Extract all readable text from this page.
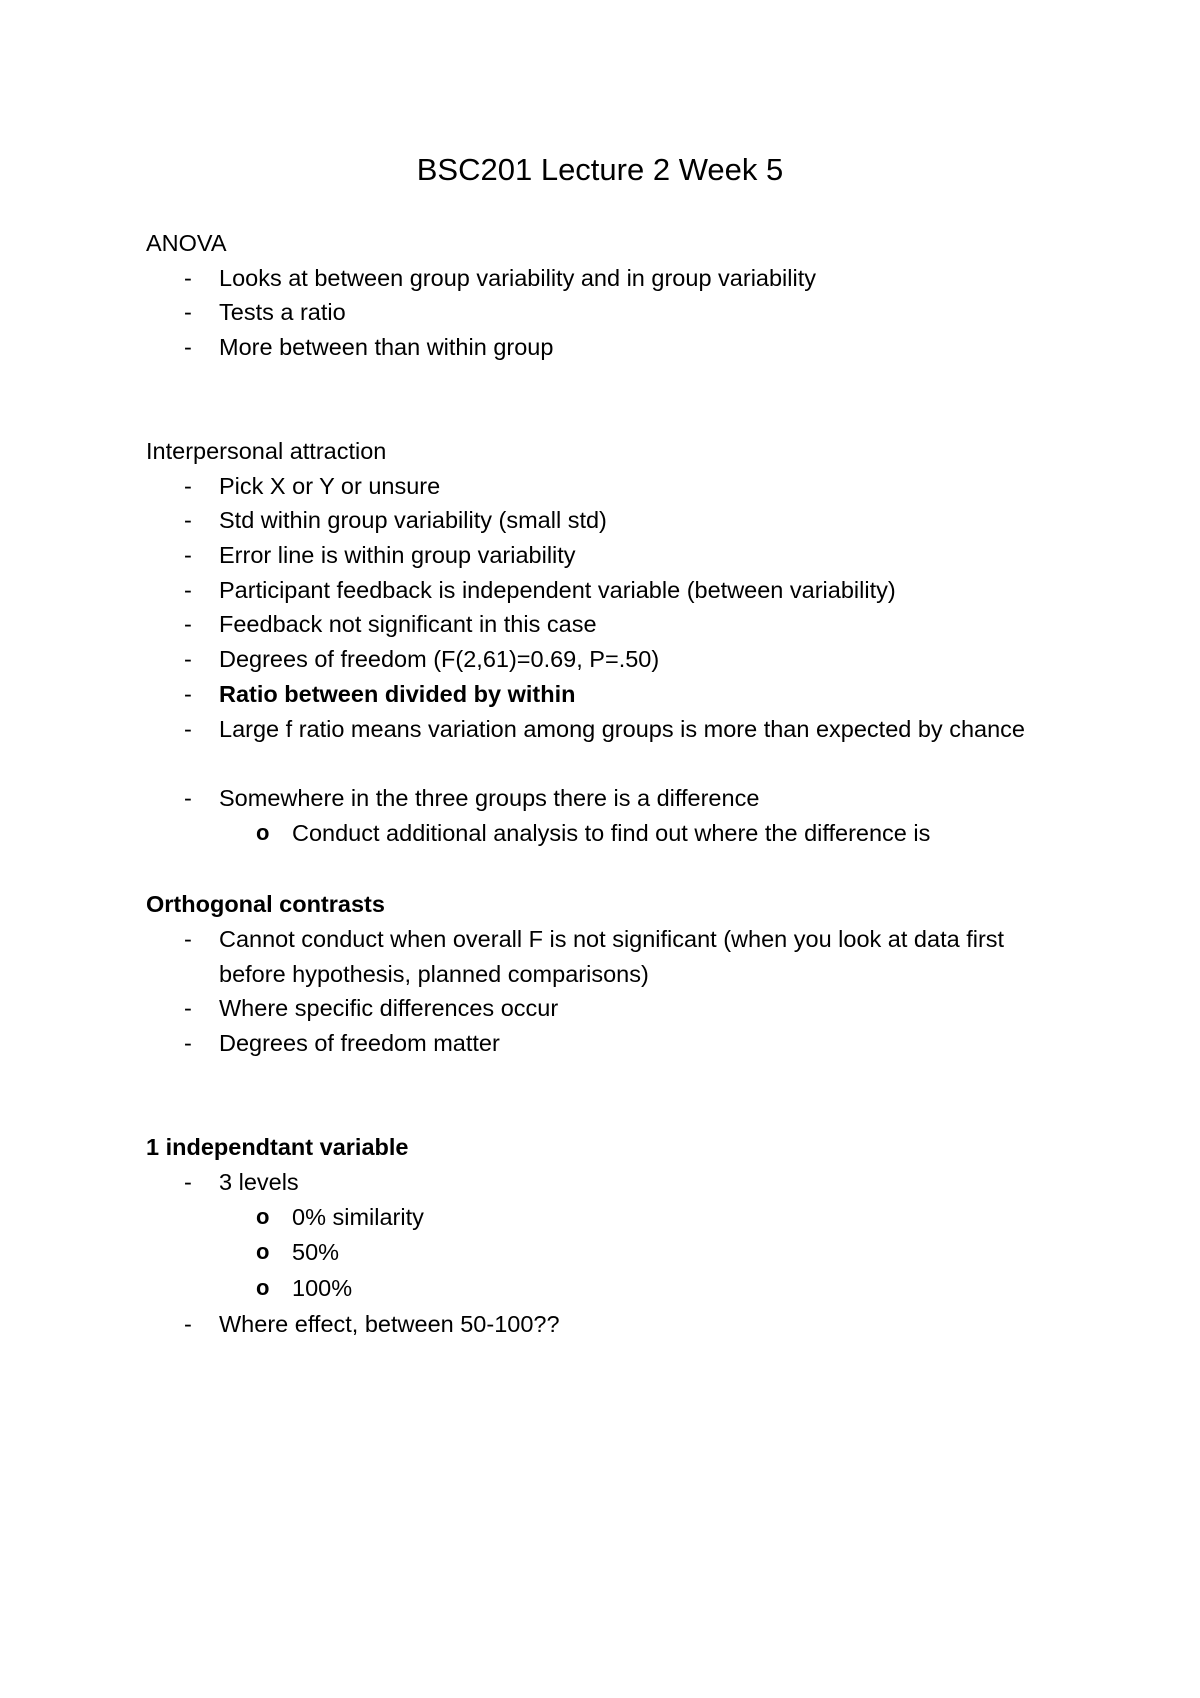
BSC201 Lecture 2 Week 5
ANOVA
- Looks at between group variability and in group variability
- Tests a ratio
- More between than within group
Interpersonal attraction
- Pick X or Y or unsure
- Std within group variability (small std)
- Error line is within group variability
- Participant feedback is independent variable (between variability)
- Feedback not significant in this case
- Degrees of freedom (F(2,61)=0.69, P=.50)
- Ratio between divided by within
- Large f ratio means variation among groups is more than expected by chance
- Somewhere in the three groups there is a difference
o Conduct additional analysis to find out where the difference is
Orthogonal contrasts
- Cannot conduct when overall F is not significant (when you look at data first before hypothesis, planned comparisons)
- Where specific differences occur
- Degrees of freedom matter
1 independtant variable
- 3 levels
o 0% similarity
o 50%
o 100%
- Where effect, between 50-100??
